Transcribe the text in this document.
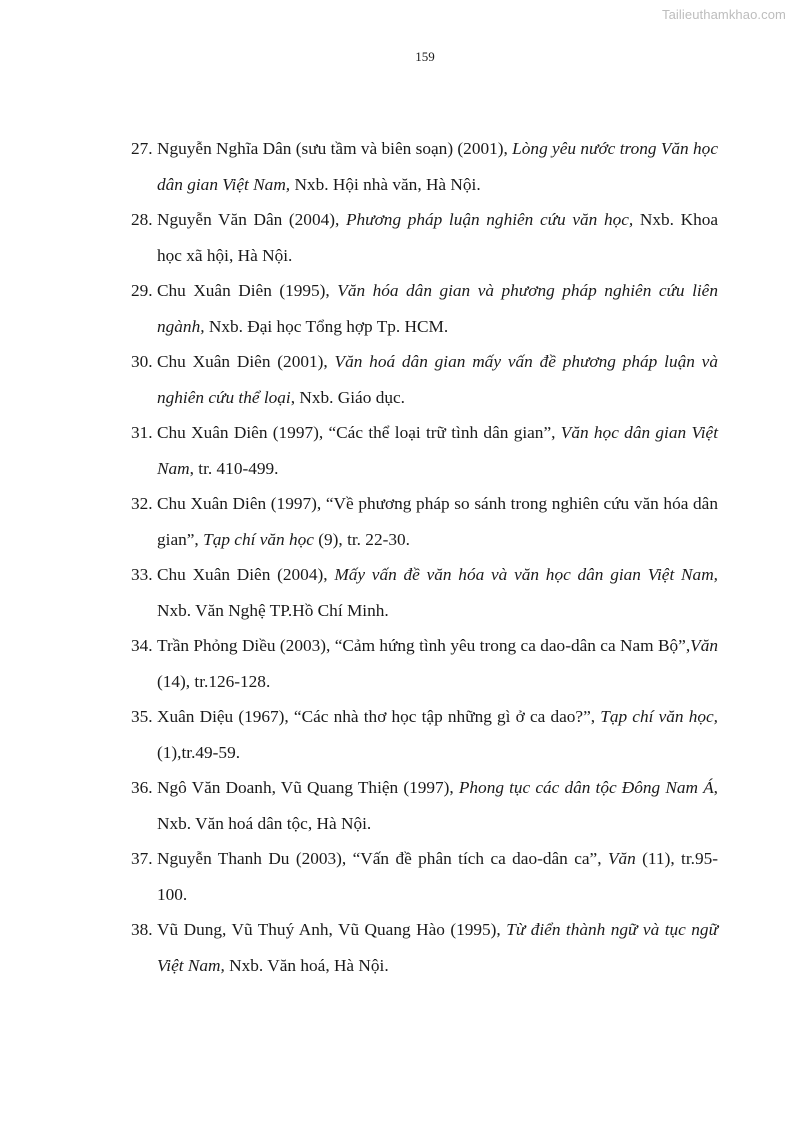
Tailieuthamkhao.com
159
27. Nguyễn Nghĩa Dân (sưu tầm và biên soạn) (2001), Lòng yêu nước trong Văn học dân gian Việt Nam, Nxb. Hội nhà văn, Hà Nội.
28. Nguyễn Văn Dân (2004), Phương pháp luận nghiên cứu văn học, Nxb. Khoa học xã hội, Hà Nội.
29. Chu Xuân Diên (1995), Văn hóa dân gian và phương pháp nghiên cứu liên ngành, Nxb. Đại học Tổng hợp Tp. HCM.
30. Chu Xuân Diên (2001), Văn hoá dân gian mấy vấn đề phương pháp luận và nghiên cứu thể loại, Nxb. Giáo dục.
31. Chu Xuân Diên (1997), “Các thể loại trữ tình dân gian”, Văn học dân gian Việt Nam, tr. 410-499.
32. Chu Xuân Diên (1997), “Về phương pháp so sánh trong nghiên cứu văn hóa dân gian”, Tạp chí văn học (9), tr. 22-30.
33. Chu Xuân Diên (2004), Mấy vấn đề văn hóa và văn học dân gian Việt Nam, Nxb. Văn Nghệ TP.Hồ Chí Minh.
34. Trần Phỏng Diều (2003), “Cảm hứng tình yêu trong ca dao-dân ca Nam Bộ”,Văn (14), tr.126-128.
35. Xuân Diệu (1967), “Các nhà thơ học tập những gì ở ca dao?”, Tạp chí văn học, (1),tr.49-59.
36. Ngô Văn Doanh, Vũ Quang Thiện (1997), Phong tục các dân tộc Đông Nam Á, Nxb. Văn hoá dân tộc, Hà Nội.
37. Nguyễn Thanh Du (2003), “Vấn đề phân tích ca dao-dân ca”, Văn (11), tr.95-100.
38. Vũ Dung, Vũ Thuý Anh, Vũ Quang Hào (1995), Từ điển thành ngữ và tục ngữ Việt Nam, Nxb. Văn hoá, Hà Nội.
